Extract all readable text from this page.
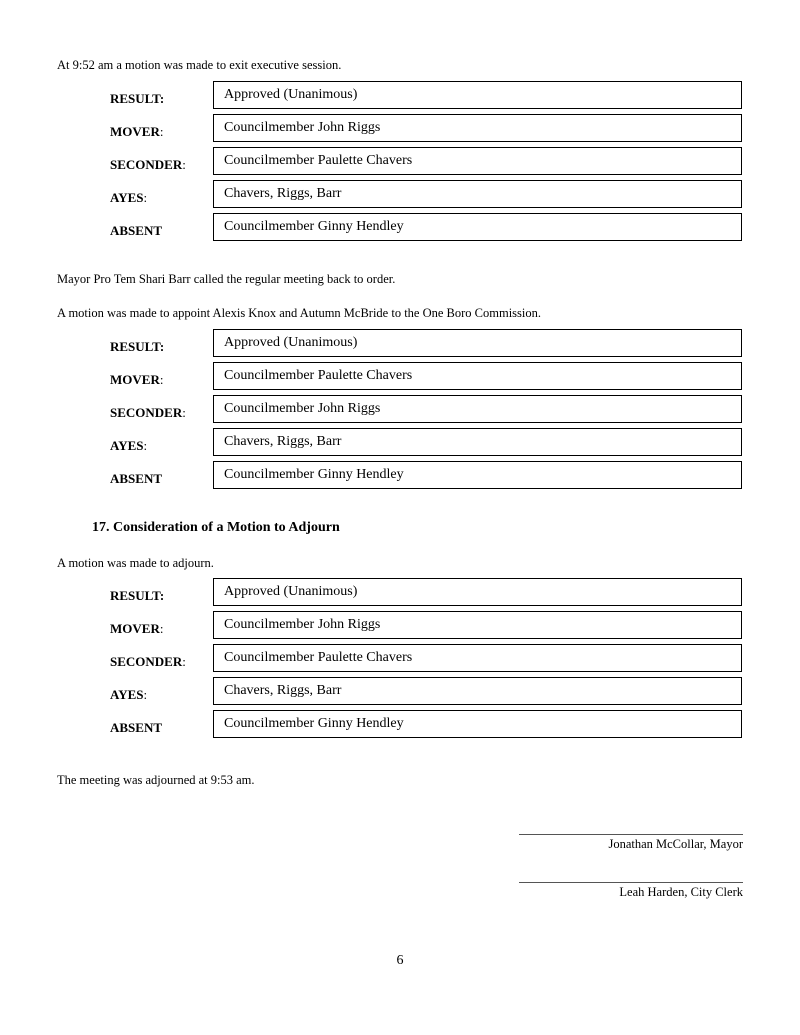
At 9:52 am a motion was made to exit executive session.
RESULT:	Approved (Unanimous)
MOVER:	Councilmember John Riggs
SECONDER:	Councilmember Paulette Chavers
AYES:	Chavers, Riggs, Barr
ABSENT	Councilmember Ginny Hendley
Mayor Pro Tem Shari Barr called the regular meeting back to order.
A motion was made to appoint Alexis Knox and Autumn McBride to the One Boro Commission.
RESULT:	Approved (Unanimous)
MOVER:	Councilmember Paulette Chavers
SECONDER:	Councilmember John Riggs
AYES:	Chavers, Riggs, Barr
ABSENT	Councilmember Ginny Hendley
17. Consideration of a Motion to Adjourn
A motion was made to adjourn.
RESULT:	Approved (Unanimous)
MOVER:	Councilmember John Riggs
SECONDER:	Councilmember Paulette Chavers
AYES:	Chavers, Riggs, Barr
ABSENT	Councilmember Ginny Hendley
The meeting was adjourned at 9:53 am.
Jonathan McCollar, Mayor
Leah Harden, City Clerk
6
